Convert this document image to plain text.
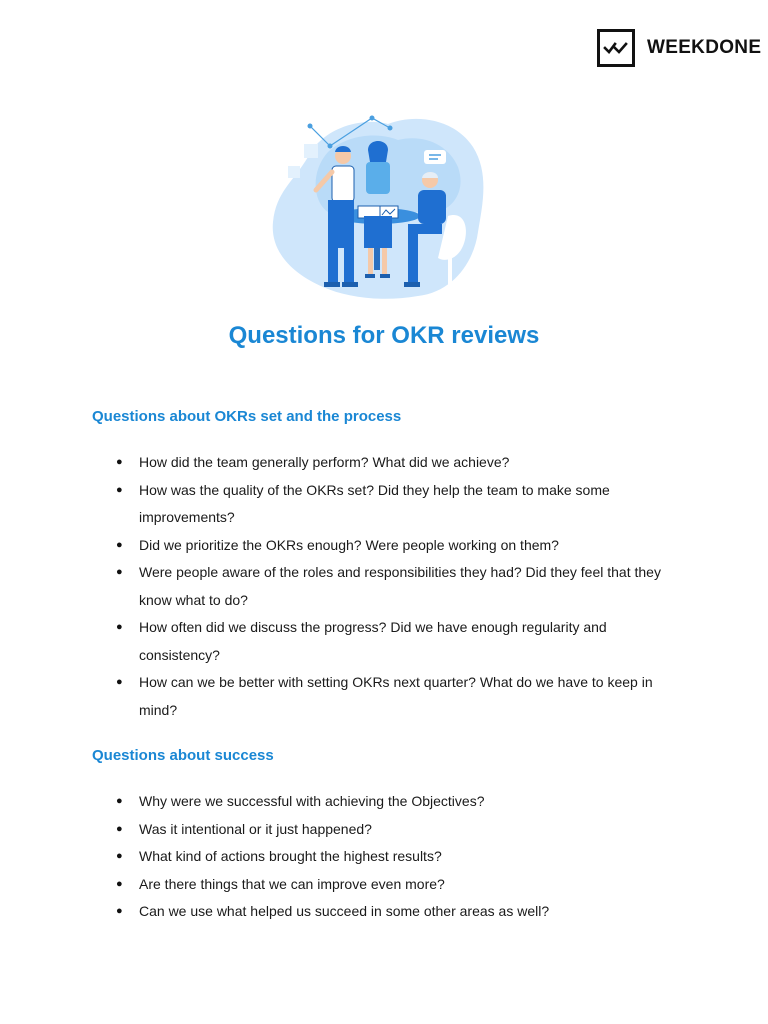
WEEKDONE
Questions for OKR reviews
Questions about OKRs set and the process
● How did the team generally perform? What did we achieve?
● How was the quality of the OKRs set? Did they help the team to make some improvements?
● Did we prioritize the OKRs enough? Were people working on them?
● Were people aware of the roles and responsibilities they had? Did they feel that they know what to do?
● How often did we discuss the progress? Did we have enough regularity and consistency?
● How can we be better with setting OKRs next quarter? What do we have to keep in mind?
Questions about success
● Why were we successful with achieving the Objectives?
● Was it intentional or it just happened?
● What kind of actions brought the highest results?
● Are there things that we can improve even more?
● Can we use what helped us succeed in some other areas as well?
